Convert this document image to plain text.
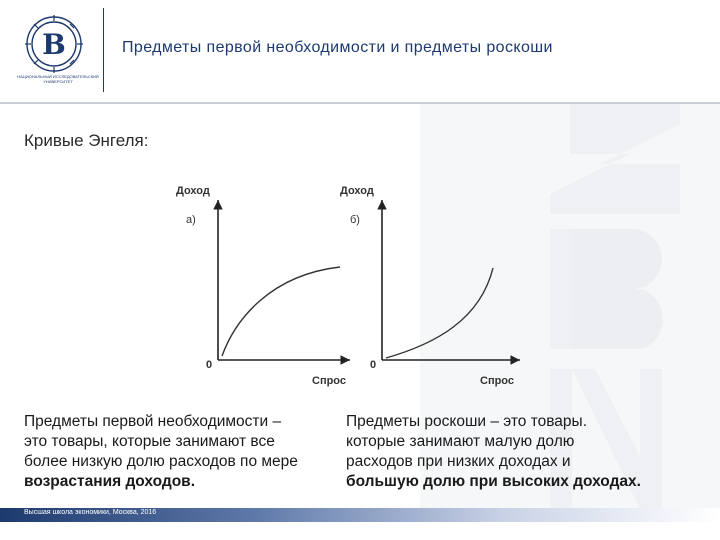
В
НАЦИОНАЛЬНЫЙ ИССЛЕДОВАТЕЛЬСКИЙ УНИВЕРСИТЕТ
Предметы первой необходимости и предметы роскоши
Кривые Энгеля:
Доход
а)
0
Спрос
Доход
б)
0
Спрос
Предметы первой необходимости –
это товары, которые занимают все
более низкую долю расходов по мере
возрастания доходов.
Предметы роскоши – это товары.
которые занимают малую долю
расходов при низких доходах и
большую долю при высоких доходах.
Высшая школа экономики, Москва, 2016
